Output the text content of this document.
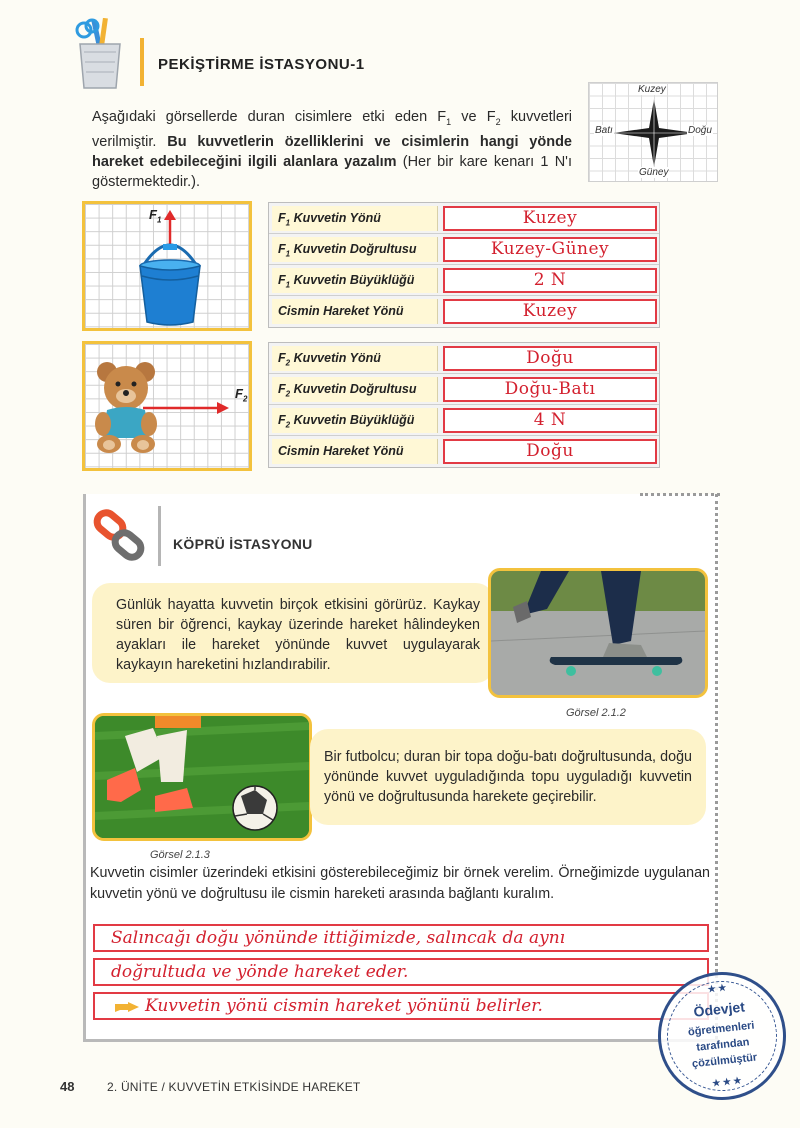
PEKİŞTİRME İSTASYONU-1
Aşağıdaki görsellerde duran cisimlere etki eden $F_1$ ve $F_2$ kuvvetleri verilmiştir. Bu kuvvetlerin özelliklerini ve cisimlerin hangi yönde hareket edebileceğini ilgili alanlara yazalım (Her bir kare kenarı 1 N'ı göstermektedir.).
Kuzey
Güney
Batı	Doğu
$F_1$	$F_1$ Kuvvetin Yönü	Kuzey
$F_1$ Kuvvetin Doğrultusu	Kuzey-Güney
$F_1$ Kuvvetin Büyüklüğü	2 N
Cismin Hareket Yönü	Kuzey
$F_2$
$F_2$ Kuvvetin Yönü	Doğu
$F_2$ Kuvvetin Doğrultusu	Doğu-Batı
$F_2$ Kuvvetin Büyüklüğü	4 N
Cismin Hareket Yönü	Doğu
KÖPRÜ İSTASYONU
Günlük hayatta kuvvetin birçok etkisini görürüz. Kaykay süren bir öğrenci, kaykay üzerinde hareket hâlindeyken ayakları ile hareket yönünde kuvvet uygulayarak kaykayın hareketini hızlandırabilir.
Görsel 2.1.2
Görsel 2.1.3
Bir futbolcu; duran bir topa doğu-batı doğrultusunda, doğu yönünde kuvvet uyguladığında topu uyguladığı kuvvetin yönü ve doğrultusunda harekete geçirebilir.
Kuvvetin cisimler üzerindeki etkisini gösterebileceğimiz bir örnek verelim. Örneğimizde uygulanan kuvvetin yönü ve doğrultusu ile cismin hareketi arasında bağlantı kuralım.
Salıncağı doğu yönünde ittiğimizde, salıncak da aynı
doğrultuda ve yönde hareket eder.
Kuvvetin yönü cismin hareket yönünü belirler.	Ödevjet
öğretmenleri
tarafından
çözülmüştür
★ ★
★ ★ ★
48	2. ÜNİTE / KUVVETİN ETKİSİNDE HAREKET
